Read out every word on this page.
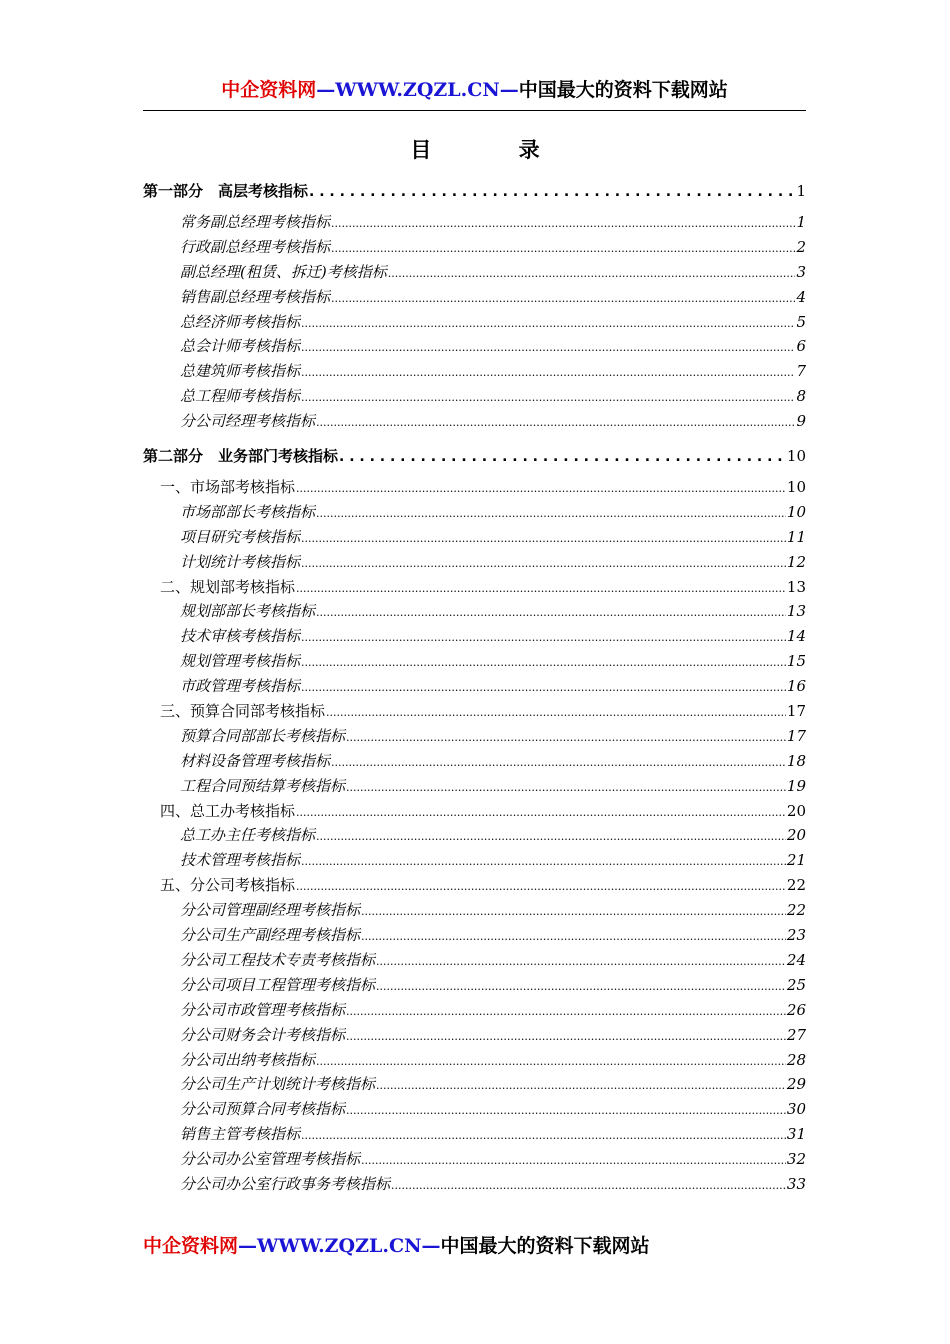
中企资料网—WWW.ZQZL.CN—中国最大的资料下载网站
目 录
第一部分　高层考核指标 . . .	1
常务副总经理考核指标 .....	1
行政副总经理考核指标 .....	2
副总经理(租赁、拆迁)考核指标 .....	3
销售副总经理考核指标 .....	4
总经济师考核指标 .....	5
总会计师考核指标 .....	6
总建筑师考核指标 .....	7
总工程师考核指标 .....	8
分公司经理考核指标 .....	9
第二部分　业务部门考核指标 . . .	10
一、市场部考核指标 .....	10
市场部部长考核指标 .....	10
项目研究考核指标 .....	11
计划统计考核指标 .....	12
二、规划部考核指标 .....	13
规划部部长考核指标 .....	13
技术审核考核指标 .....	14
规划管理考核指标 .....	15
市政管理考核指标 .....	16
三、预算合同部考核指标 .....	17
预算合同部部长考核指标 .....	17
材料设备管理考核指标 .....	18
工程合同预结算考核指标 .....	19
四、总工办考核指标 .....	20
总工办主任考核指标 .....	20
技术管理考核指标 .....	21
五、分公司考核指标 .....	22
分公司管理副经理考核指标 .....	22
分公司生产副经理考核指标 .....	23
分公司工程技术专责考核指标 .....	24
分公司项目工程管理考核指标 .....	25
分公司市政管理考核指标 .....	26
分公司财务会计考核指标 .....	27
分公司出纳考核指标 .....	28
分公司生产计划统计考核指标 .....	29
分公司预算合同考核指标 .....	30
销售主管考核指标 .....	31
分公司办公室管理考核指标 .....	32
分公司办公室行政事务考核指标 .....	33
中企资料网—WWW.ZQZL.CN—中国最大的资料下载网站
